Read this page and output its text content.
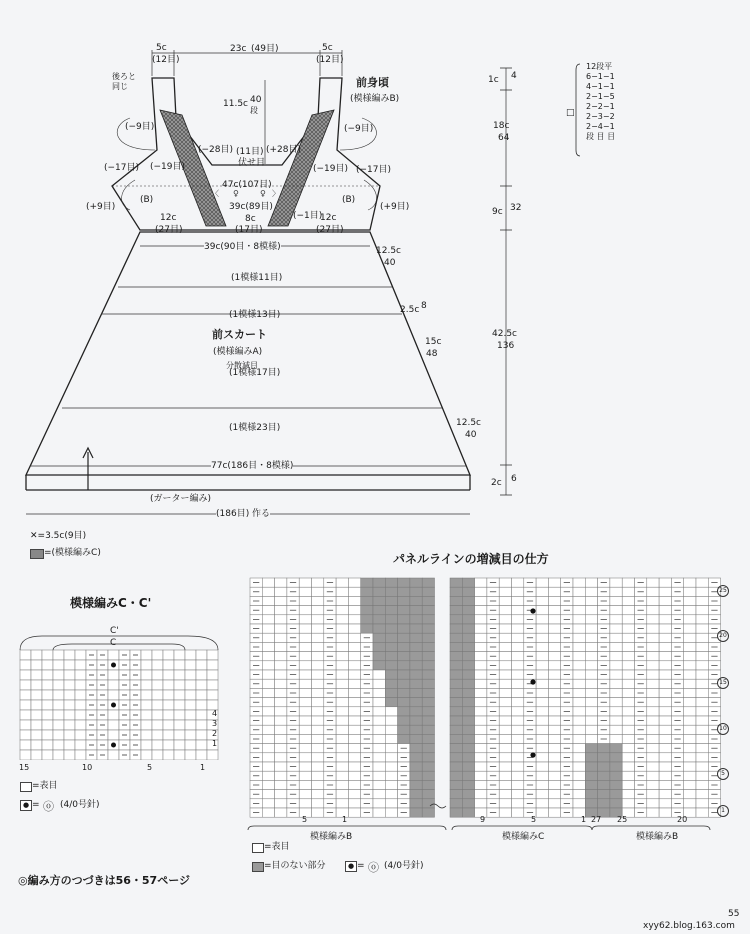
〈 ♀	♀ 〉
23c (49目)
5c
(12目)
5c
(12目)
前身頃
(模様編みB)
11.5c 40
段
後ろと
同じ
(−9目)	(−9目)
(−28目)	(+28目)
(11目)
伏せ目
(−19目)	(−19目)
(−17目)	(−17目)
(+9目)	(+9目)
47c(107目)
39c(89目)
8c
(17目)
(−1目)
12c
(27目)
12c
(27目)
(B)	(B)
39c(90目・8模様)
前スカート
(模様編みA)
分散減目
(1模様11目)
(1模様13目)
(1模様17目)
(1模様23目)
77c(186目・8模様)
(ガーター編み)
(186目) 作る
1c 4
18c
64
9c 32
12.5c
40
2.5c 8
15c
48
42.5c
136
12.5c
40
2c 6
□
12段平
6−1−1
4−1−1
2−1−5
2−2−1
2−3−2
2−4−1
段 目 目
✕=3.5c(9目)
=(模様編みC)
模様編みC・C'
C'
C
15	10	5	1
4
3
2
1
=表目
● = ⓞ (4/0号針)
パネルラインの増減目の仕方
5	1	9	5	1 27 25	20
25
20
15
10
5
1
模様編みB	模様編みC	模様編みB
=表目
=目のない部分	● = ⓞ (4/0号針)
◎編み方のつづきは56・57ページ
55
xyy62.blog.163.com
